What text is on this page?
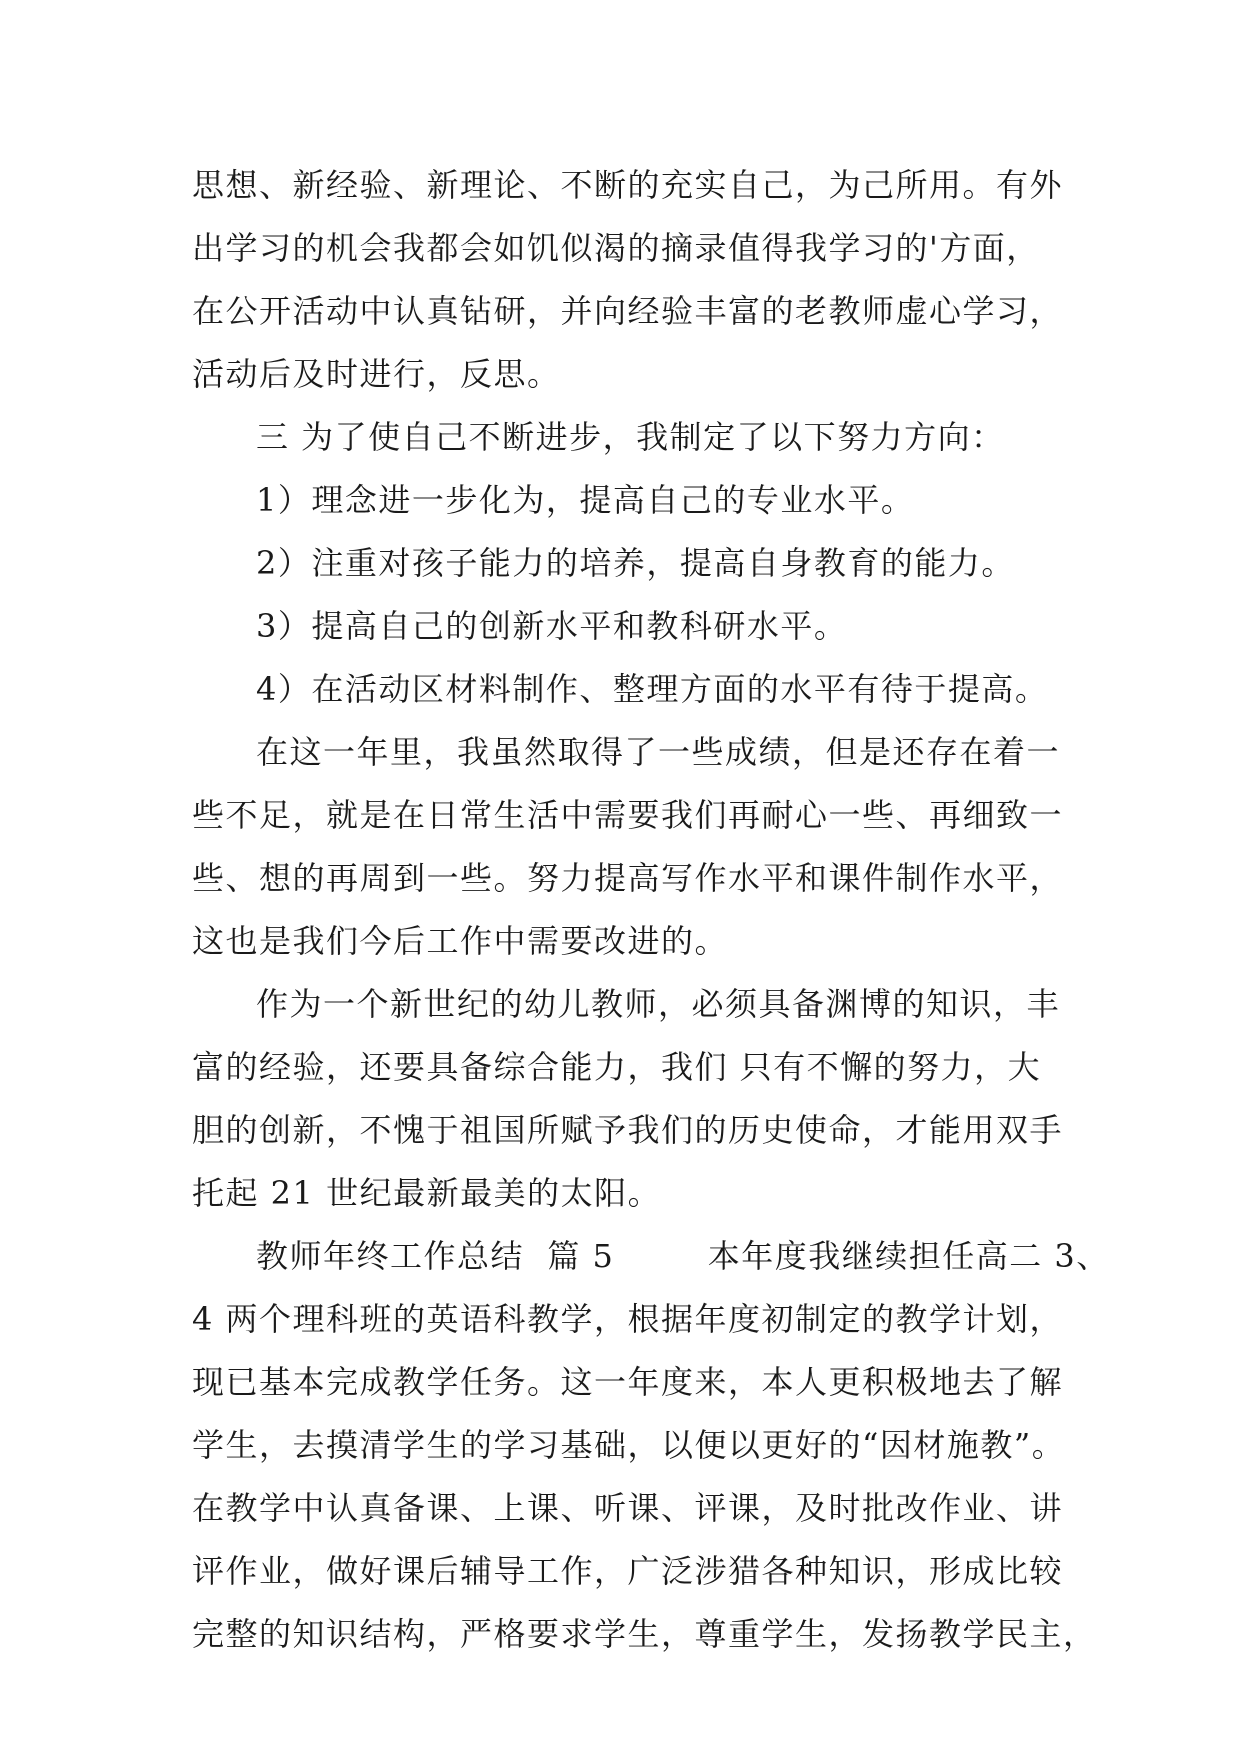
思想、新经验、新理论、不断的充实自己，为己所用。有外
出学习的机会我都会如饥似渴的摘录值得我学习的'方面，
在公开活动中认真钻研，并向经验丰富的老教师虚心学习，
活动后及时进行，反思。
三 为了使自己不断进步，我制定了以下努力方向：
1）理念进一步化为，提高自己的专业水平。
2）注重对孩子能力的培养，提高自身教育的能力。
3）提高自己的创新水平和教科研水平。
4）在活动区材料制作、整理方面的水平有待于提高。
在这一年里，我虽然取得了一些成绩，但是还存在着一
些不足，就是在日常生活中需要我们再耐心一些、再细致一
些、想的再周到一些。努力提高写作水平和课件制作水平，
这也是我们今后工作中需要改进的。
作为一个新世纪的幼儿教师，必须具备渊博的知识，丰
富的经验，还要具备综合能力，我们 只有不懈的努力，大
胆的创新，不愧于祖国所赋予我们的历史使命，才能用双手
托起 21 世纪最新最美的太阳。
教师年终工作总结  篇 5        本年度我继续担任高二 3、
4 两个理科班的英语科教学，根据年度初制定的教学计划，
现已基本完成教学任务。这一年度来，本人更积极地去了解
学生，去摸清学生的学习基础，以便以更好的“因材施教”。
在教学中认真备课、上课、听课、评课，及时批改作业、讲
评作业，做好课后辅导工作，广泛涉猎各种知识，形成比较
完整的知识结构，严格要求学生，尊重学生，发扬教学民主，
